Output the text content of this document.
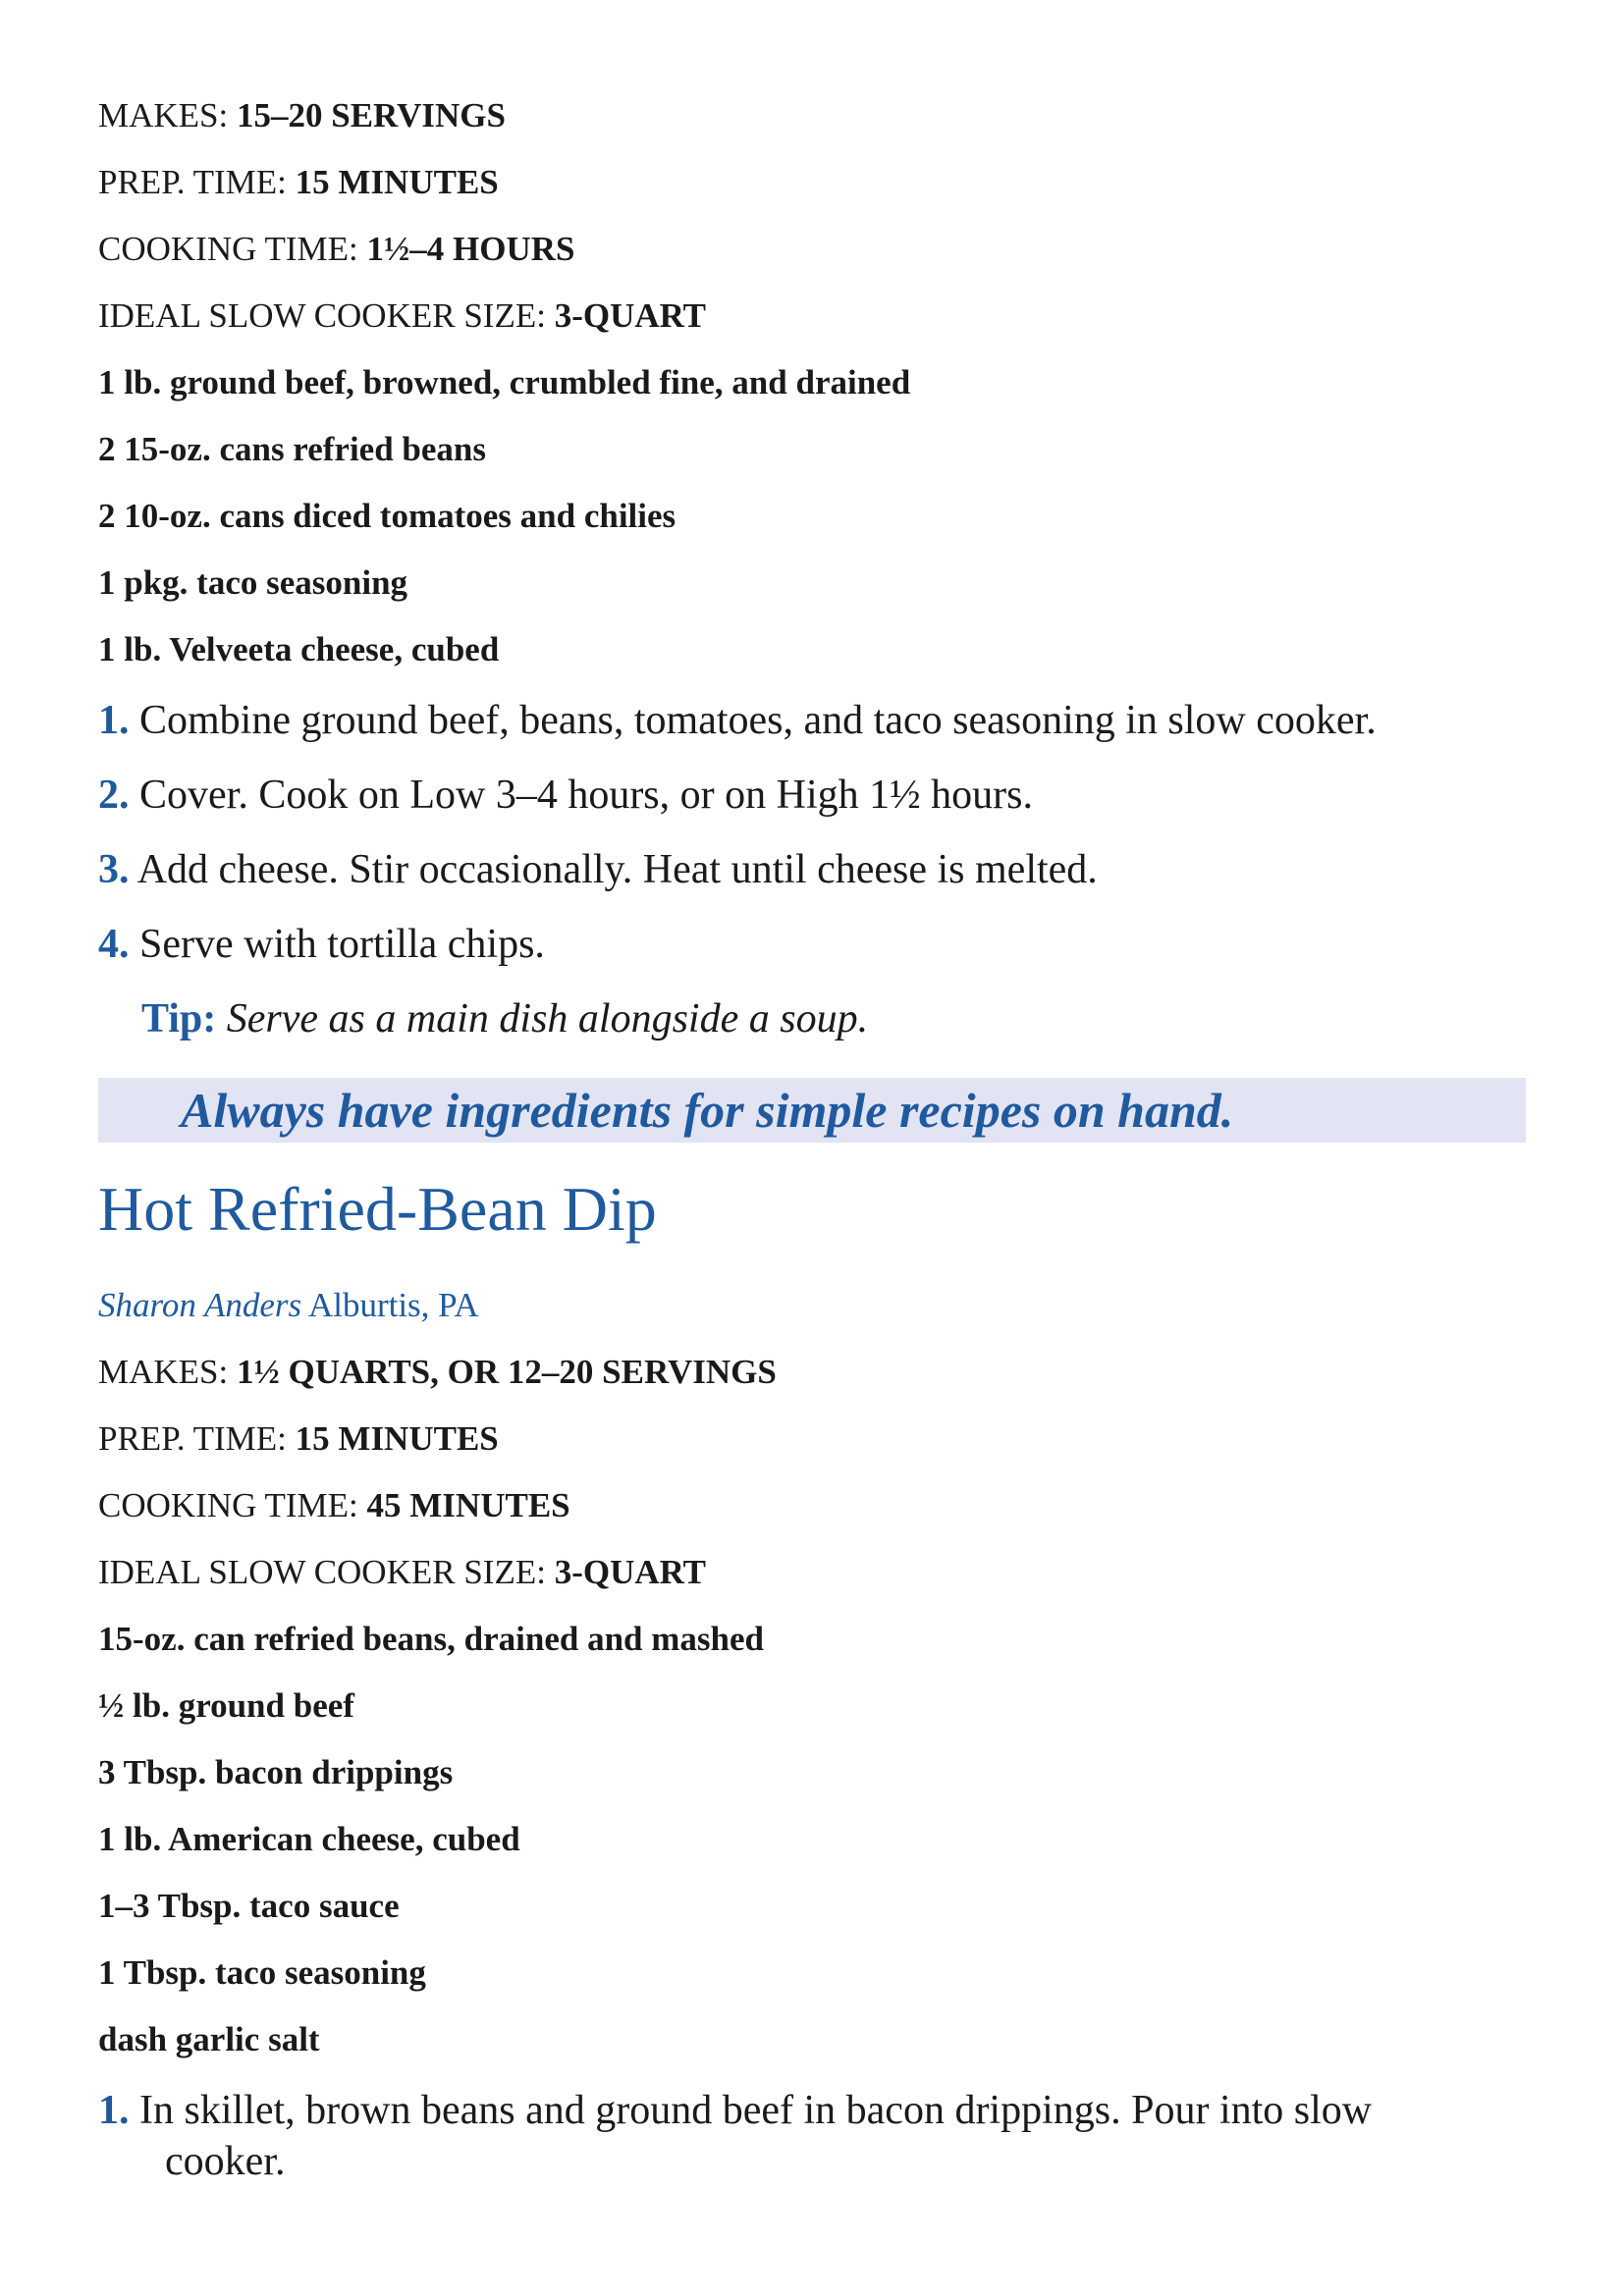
MAKES: 15–20 SERVINGS
PREP. TIME: 15 MINUTES
COOKING TIME: 1½–4 HOURS
IDEAL SLOW COOKER SIZE: 3-QUART
1 lb. ground beef, browned, crumbled fine, and drained
2 15-oz. cans refried beans
2 10-oz. cans diced tomatoes and chilies
1 pkg. taco seasoning
1 lb. Velveeta cheese, cubed
1. Combine ground beef, beans, tomatoes, and taco seasoning in slow cooker.
2. Cover. Cook on Low 3–4 hours, or on High 1½ hours.
3. Add cheese. Stir occasionally. Heat until cheese is melted.
4. Serve with tortilla chips.
Tip: Serve as a main dish alongside a soup.
Always have ingredients for simple recipes on hand.
Hot Refried-Bean Dip
Sharon Anders Alburtis, PA
MAKES: 1½ QUARTS, OR 12–20 SERVINGS
PREP. TIME: 15 MINUTES
COOKING TIME: 45 MINUTES
IDEAL SLOW COOKER SIZE: 3-QUART
15-oz. can refried beans, drained and mashed
½ lb. ground beef
3 Tbsp. bacon drippings
1 lb. American cheese, cubed
1–3 Tbsp. taco sauce
1 Tbsp. taco seasoning
dash garlic salt
1. In skillet, brown beans and ground beef in bacon drippings. Pour into slow
cooker.
